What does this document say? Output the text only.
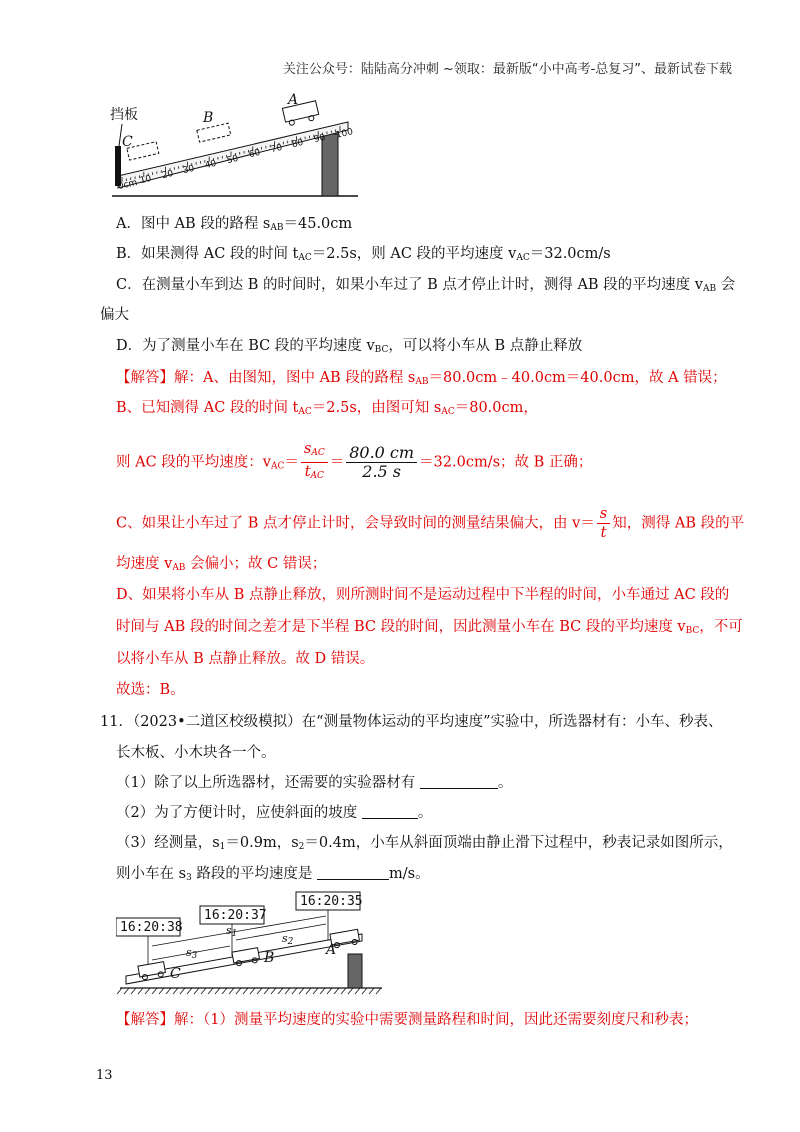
关注公众号：陆陆高分冲刺 ~领取：最新版“小中高考-总复习”、最新试卷下载
挡板
C
B
A
0cm 10 20 30 40 50 60 70 80 90 100
A．图中 AB 段的路程 $s_{AB}=45.0cm$
B．如果测得 AC 段的时间 $t_{AC}=2.5s$，则 AC 段的平均速度 $v_{AC}=32.0cm/s$
C．在测量小车到达 B 的时间时，如果小车过了 B 点才停止计时，测得 AB 段的平均速度 $v_{AB}$ 会
偏大
D．为了测量小车在 BC 段的平均速度 $v_{BC}$，可以将小车从 B 点静止释放
【解答】解：A、由图知，图中 AB 段的路程 $s_{AB}=80.0cm﹣40.0cm=40.0cm$，故 A 错误；
B、已知测得 AC 段的时间 $t_{AC}=2.5s$，由图可知 $s_{AC}=80.0cm$，
则 AC 段的平均速度：$v_{AC}= \frac{s_{AC}}{t_{AC}} = \frac{80.0 cm}{2.5 s} =32.0cm/s$；故 B 正确；
C、如果让小车过了 B 点才停止计时，会导致时间的测量结果偏大，由 $v= \frac{s}{t}$ 知，测得 AB 段的平
均速度 $v_{AB}$ 会偏小；故 C 错误；
D、如果将小车从 B 点静止释放，则所测时间不是运动过程中下半程的时间，小车通过 AC 段的
时间与 AB 段的时间之差才是下半程 BC 段的时间，因此测量小车在 BC 段的平均速度 $v_{BC}$，不可
以将小车从 B 点静止释放。故 D 错误。
故选：B。
11．（2023•二道区校级模拟）在“测量物体运动的平均速度”实验中，所选器材有：小车、秒表、
长木板、小木块各一个。
（1）除了以上所选器材，还需要的实验器材有	。
（2）为了方便计时，应使斜面的坡度	。
（3）经测量，$s_1=0.9m$，$s_2=0.4m$，小车从斜面顶端由静止滑下过程中，秒表记录如图所示，
则小车在 $s_3$ 路段的平均速度是	m/s。
16:20:38
16:20:37
16:20:35
$s_1$	$s_2$
$s_3$
C
B	A
【解答】解：（1）测量平均速度的实验中需要测量路程和时间，因此还需要刻度尺和秒表；
13
